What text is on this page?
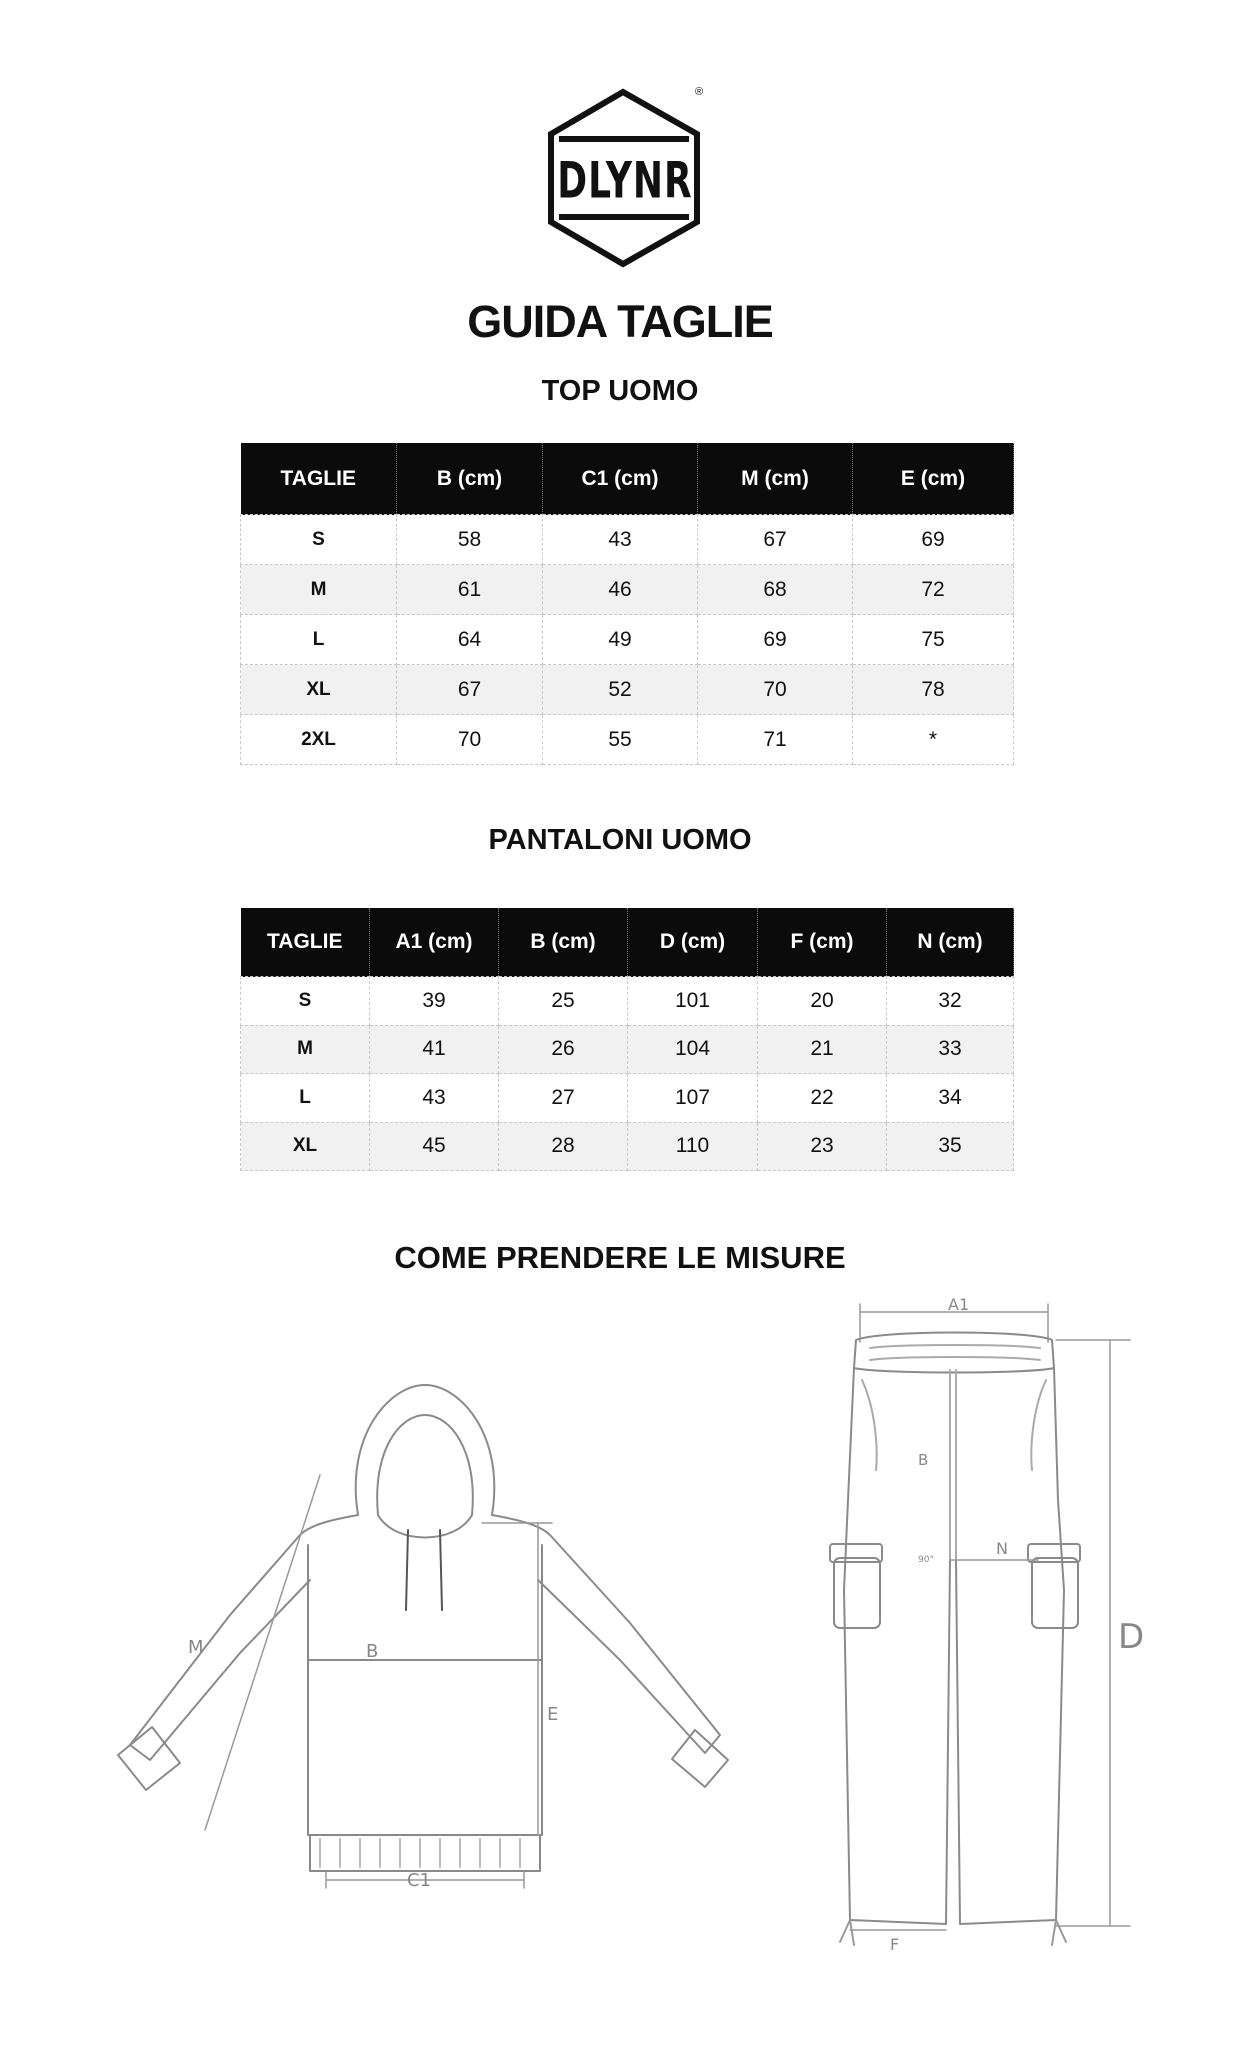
DLYNR
®
GUIDA TAGLIE
TOP UOMO
TAGLIE	B (cm)	C1 (cm)	M (cm)	E (cm)
S	58	43	67	69
M	61	46	68	72
L	64	49	69	75
XL	67	52	70	78
2XL	70	55	71	*
PANTALONI UOMO
TAGLIE	A1 (cm)	B (cm)	D (cm)	F (cm)	N (cm)
S	39	25	101	20	32
M	41	26	104	21	33
L	43	27	107	22	34
XL	45	28	110	23	35
COME PRENDERE LE MISURE
M	B
E
C1
A1
B
90°
N
D
F
